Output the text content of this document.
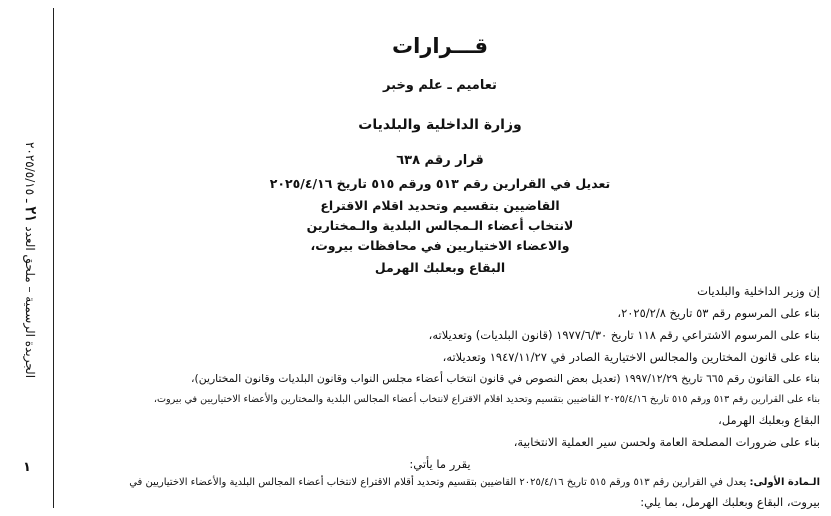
الجريدة الرسمية – ملحق العدد ٢١ ـ ٢٠٢٥/٥/١٥
١
قـــرارات
تعاميم ـ علم وخبر
وزارة الداخلية والبلديات
قرار رقم ٦٣٨
تعديل في القرارين رقم ٥١٣ ورقم ٥١٥ تاريخ ٢٠٢٥/٤/١٦
القاضيين بتقسيم وتحديد اقلام الاقتراع
لانتخاب أعضاء الـمجالس البلدية والـمختارين
والاعضاء الاختياريين في محافظات بيروت،
البقاع وبعلبك الهرمل
إن وزير الداخلية والبلديات
بناء على المرسوم رقم ٥٣ تاريخ ٢٠٢٥/٢/٨،
بناء على المرسوم الاشتراعي رقم ١١٨ تاريخ ١٩٧٧/٦/٣٠ (قانون البلديات) وتعديلاته،
بناء على قانون المختارين والمجالس الاختيارية الصادر في ١٩٤٧/١١/٢٧ وتعديلاته،
بناء على القانون رقم ٦٦٥ تاريخ ١٩٩٧/١٢/٢٩ (تعديل بعض النصوص في قانون انتخاب أعضاء مجلس النواب وقانون البلديات وقانون المختارين)،
بناء على القرارين رقم ٥١٣ ورقم ٥١٥ تاريخ ٢٠٢٥/٤/١٦ القاضيين بتقسيم وتحديد اقلام الاقتراع لانتخاب أعضاء المجالس البلدية والمختارين والأعضاء الاختياريين في بيروت،
البقاع وبعلبك الهرمل،
بناء على ضرورات المصلحة العامة ولحسن سير العملية الانتخابية،
يقرر ما يأتي:
الـمادة الأولى: يعدل في القرارين رقم ٥١٣ ورقم ٥١٥ تاريخ ٢٠٢٥/٤/١٦ القاضيين بتقسيم وتحديد أقلام الاقتراع لانتخاب أعضاء المجالس البلدية والأعضاء الاختياريين في
بيروت، البقاع وبعلبك الهرمل، بما يلي:
